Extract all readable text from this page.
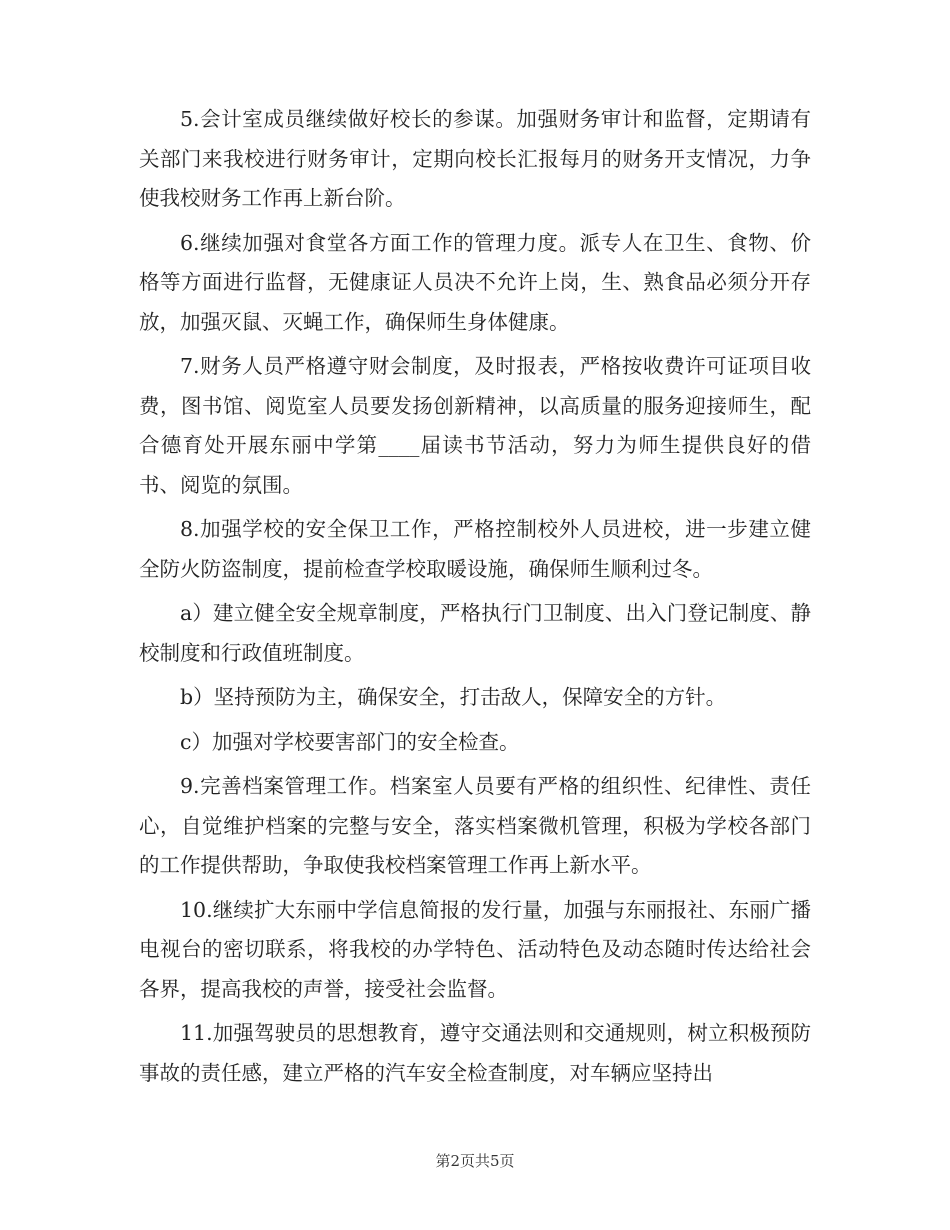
5.会计室成员继续做好校长的参谋。加强财务审计和监督，定期请有关部门来我校进行财务审计，定期向校长汇报每月的财务开支情况，力争使我校财务工作再上新台阶。

6.继续加强对食堂各方面工作的管理力度。派专人在卫生、食物、价格等方面进行监督，无健康证人员决不允许上岗，生、熟食品必须分开存放，加强灭鼠、灭蝇工作，确保师生身体健康。

7.财务人员严格遵守财会制度，及时报表，严格按收费许可证项目收费，图书馆、阅览室人员要发扬创新精神，以高质量的服务迎接师生，配合德育处开展东丽中学第____届读书节活动，努力为师生提供良好的借书、阅览的氛围。

8.加强学校的安全保卫工作，严格控制校外人员进校，进一步建立健全防火防盗制度，提前检查学校取暖设施，确保师生顺利过冬。

a）建立健全安全规章制度，严格执行门卫制度、出入门登记制度、静校制度和行政值班制度。

b）坚持预防为主，确保安全，打击敌人，保障安全的方针。

c）加强对学校要害部门的安全检查。

9.完善档案管理工作。档案室人员要有严格的组织性、纪律性、责任心，自觉维护档案的完整与安全，落实档案微机管理，积极为学校各部门的工作提供帮助，争取使我校档案管理工作再上新水平。

10.继续扩大东丽中学信息简报的发行量，加强与东丽报社、东丽广播电视台的密切联系，将我校的办学特色、活动特色及动态随时传达给社会各界，提高我校的声誉，接受社会监督。

11.加强驾驶员的思想教育，遵守交通法则和交通规则，树立积极预防事故的责任感，建立严格的汽车安全检查制度，对车辆应坚持出

第2页共5页
